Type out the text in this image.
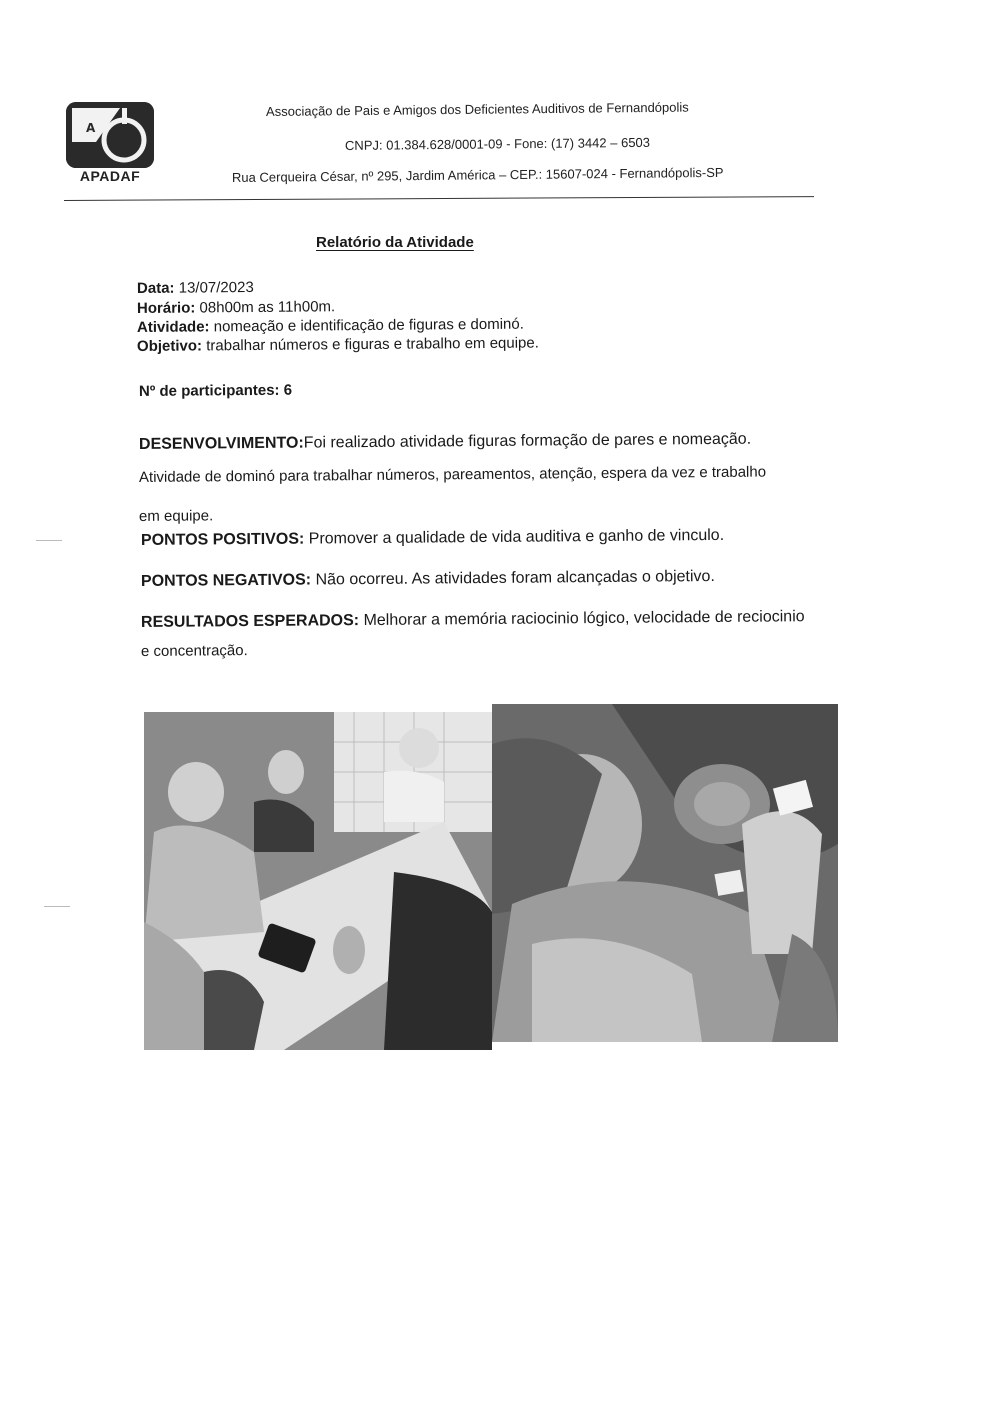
A
APADAF
Associação de Pais e Amigos dos Deficientes Auditivos de Fernandópolis
CNPJ: 01.384.628/0001-09 - Fone: (17) 3442 – 6503
Rua Cerqueira César, nº 295, Jardim América – CEP.: 15607-024 - Fernandópolis-SP
Relatório da Atividade
Data: 13/07/2023
Horário: 08h00m as 11h00m.
Atividade: nomeação e identificação de figuras e dominó.
Objetivo: trabalhar números e figuras e trabalho em equipe.
Nº de participantes: 6
DESENVOLVIMENTO:Foi realizado atividade figuras formação de pares e nomeação.
Atividade de dominó para trabalhar números, pareamentos, atenção, espera da vez e trabalho
em equipe.
PONTOS POSITIVOS: Promover a qualidade de vida auditiva e ganho de vinculo.
PONTOS NEGATIVOS: Não ocorreu. As atividades foram alcançadas o objetivo.
RESULTADOS ESPERADOS: Melhorar a memória raciocinio lógico, velocidade de reciocinio
e concentração.
